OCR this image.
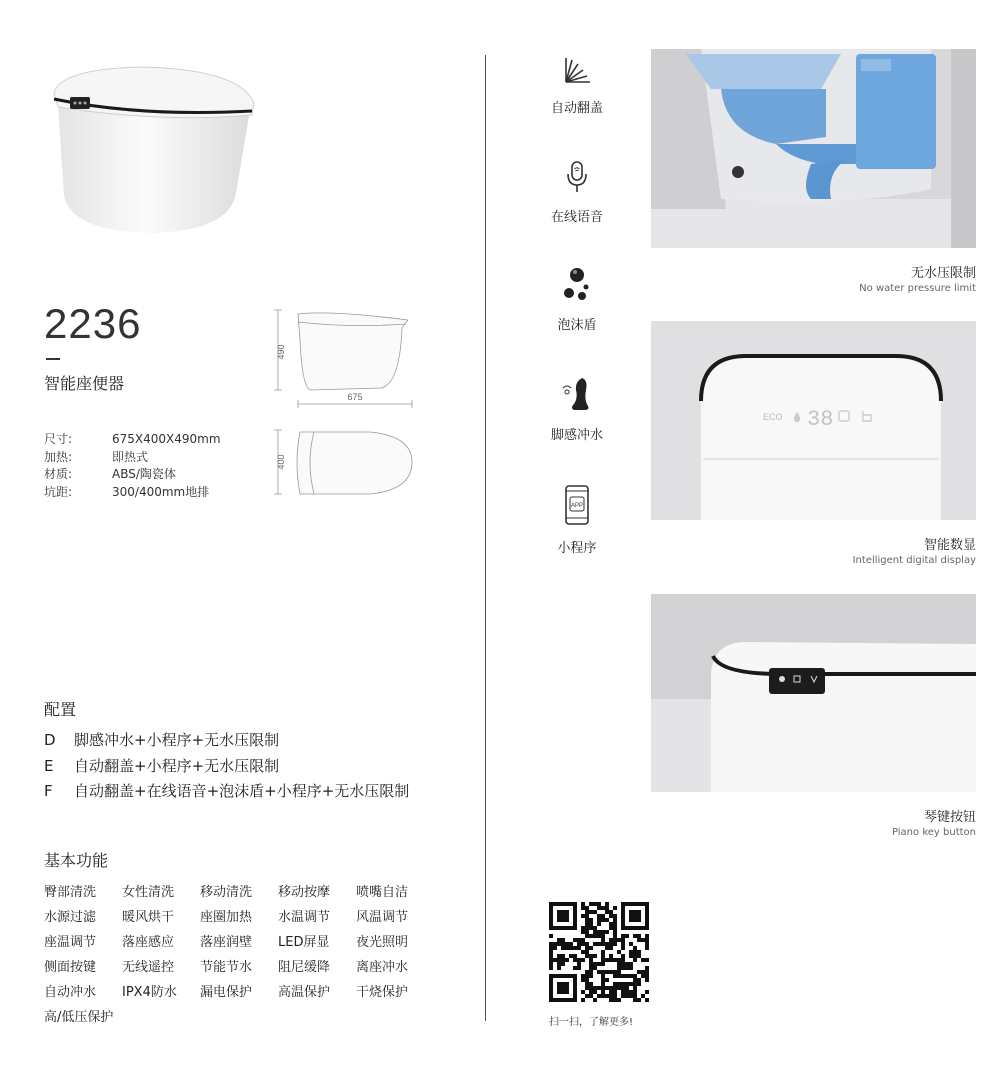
2236
智能座便器
尺寸:	675X400X490mm
加热:	即热式
材质:	ABS/陶瓷体
坑距:	300/400mm地排
490
675
400
配置
D 脚感冲水+小程序+无水压限制
E 自动翻盖+小程序+无水压限制
F 自动翻盖+在线语音+泡沫盾+小程序+无水压限制
基本功能
臀部清洗	女性清洗	移动清洗	移动按摩	喷嘴自洁
水源过滤	暖风烘干	座圈加热	水温调节	风温调节
座温调节	落座感应	落座润壁	LED屏显	夜光照明
侧面按键	无线遥控	节能节水	阻尼缓降	离座冲水
自动冲水	IPX4防水	漏电保护	高温保护	干烧保护
高/低压保护
自动翻盖
在线语音
泡沫盾
脚感冲水
APP
小程序
无水压限制
No water pressure limit
ECO 38
智能数显
Intelligent digital display
琴键按钮
Piano key button
扫一扫，了解更多!
